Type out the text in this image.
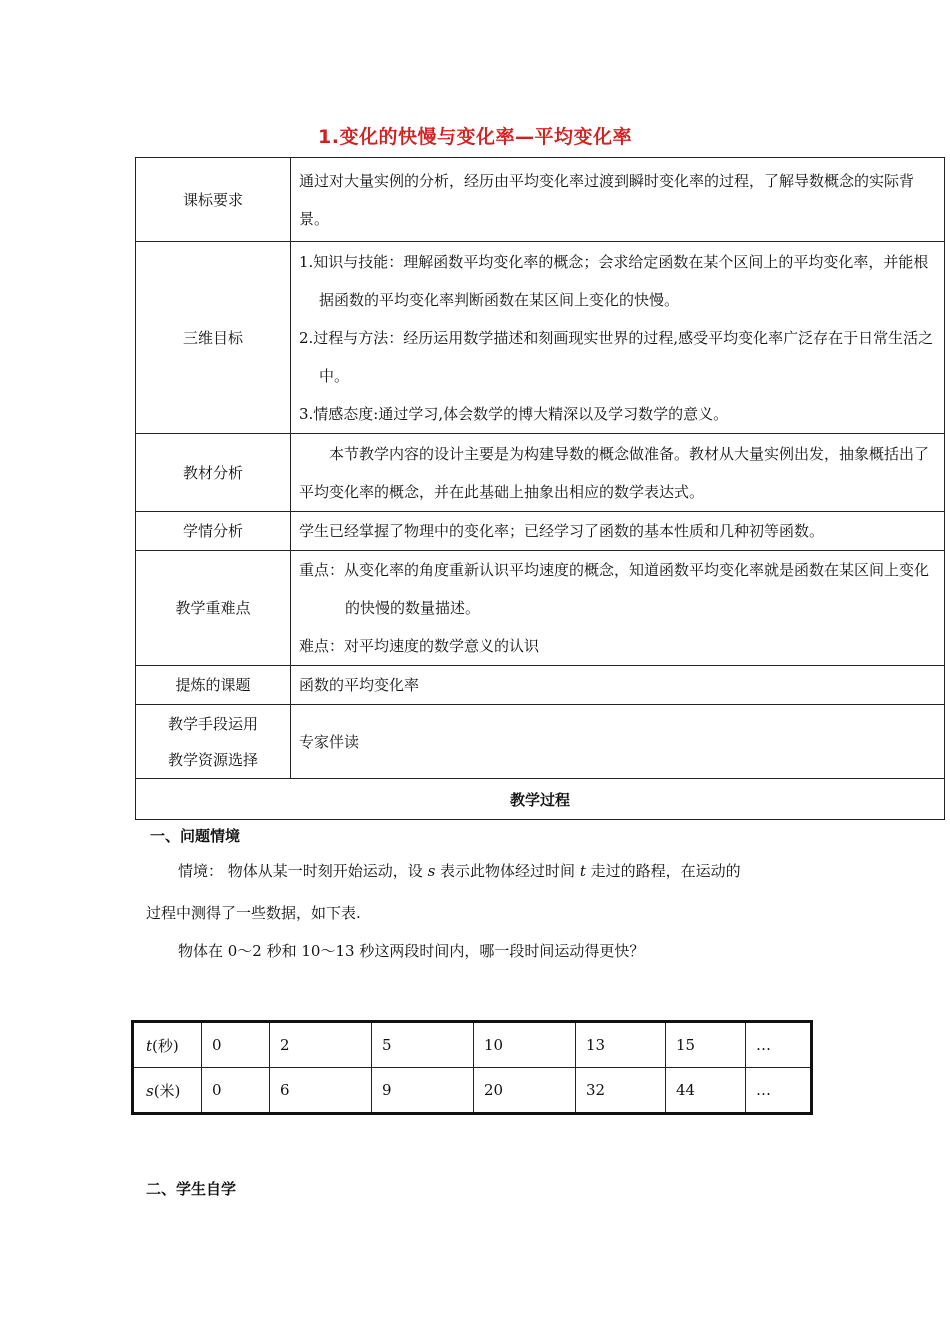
1.变化的快慢与变化率—平均变化率
课标要求	通过对大量实例的分析，经历由平均变化率过渡到瞬时变化率的过程，了解导数概念的实际背景。
三维目标	1.知识与技能：理解函数平均变化率的概念；会求给定函数在某个区间上的平均变化率，并能根据函数的平均变化率判断函数在某区间上变化的快慢。
2.过程与方法：经历运用数学描述和刻画现实世界的过程,感受平均变化率广泛存在于日常生活之中。
3.情感态度:通过学习,体会数学的博大精深以及学习数学的意义。

教材分析	本节教学内容的设计主要是为构建导数的概念做准备。教材从大量实例出发，抽象概括出了平均变化率的概念，并在此基础上抽象出相应的数学表达式。
学情分析	学生已经掌握了物理中的变化率；已经学习了函数的基本性质和几种初等函数。
教学重难点	重点：从变化率的角度重新认识平均速度的概念，知道函数平均变化率就是函数在某区间上变化的快慢的数量描述。
难点：对平均速度的数学意义的认识

提炼的课题	函数的平均变化率

教学手段运用
教学资源选择	专家伴读
教学过程	
一、问题情境
情境： 物体从某一时刻开始运动，设 s 表示此物体经过时间 t 走过的路程，在运动的
过程中测得了一些数据，如下表.
物体在 0～2 秒和 10～13 秒这两段时间内，哪一段时间运动得更快？
t(秒)	0	2	5	10	13	15	…
s(米)	0	6	9	20	32	44	…
二、学生自学
